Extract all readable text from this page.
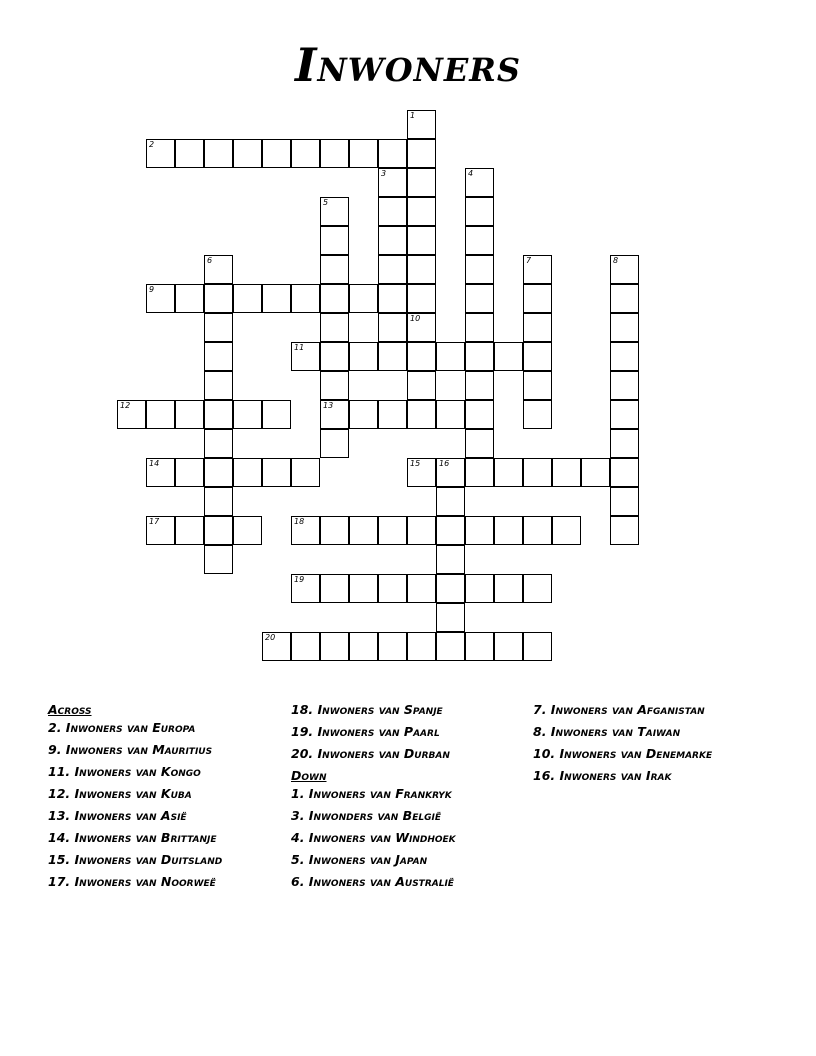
Inwoners
1
2
3	4
5
13
6	7	8
9
10
11
12
14	15 16
17	18
19
20
Across
2. Inwoners van Europa
9. Inwoners van Mauritius
11. Inwoners van Kongo
12. Inwoners van Kuba
13. Inwoners van Asië
14. Inwoners van Brittanje
15. Inwoners van Duitsland
17. Inwoners van Noorweë
18. Inwoners van Spanje
19. Inwoners van Paarl
20. Inwoners van Durban
Down
1. Inwoners van Frankryk
3. Inwonders van België
4. Inwoners van Windhoek
5. Inwoners van Japan
6. Inwoners van Australië
7. Inwoners van Afganistan
8. Inwoners van Taiwan
10. Inwoners van Denemarke
16. Inwoners van Irak
